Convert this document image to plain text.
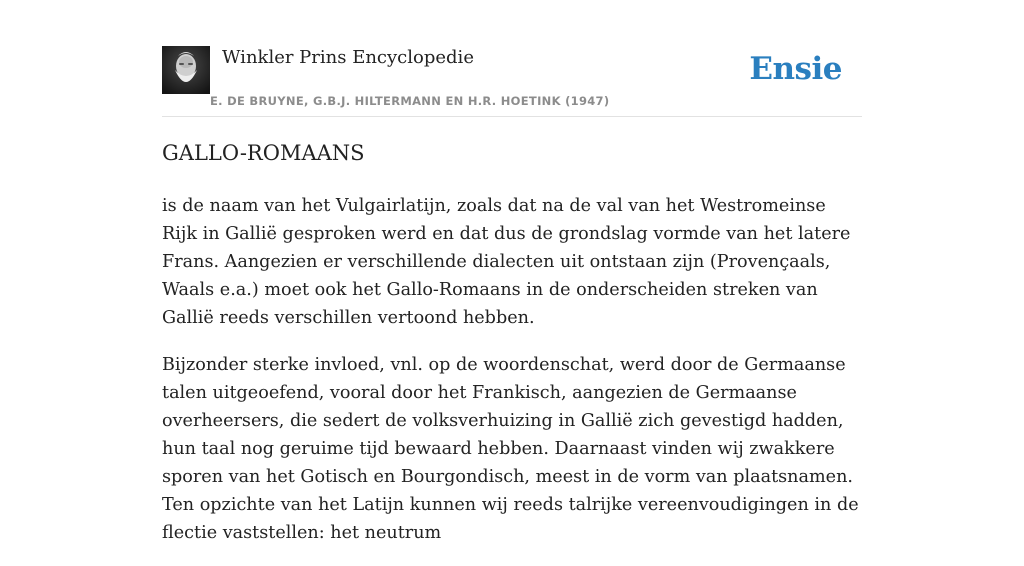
Winkler Prins Encyclopedie
E. DE BRUYNE, G.B.J. HILTERMANN EN H.R. HOETINK (1947)
Ensie
GALLO-ROMAANS

is de naam van het Vulgairlatijn, zoals dat na de val van het Westromeinse Rijk in Gallië gesproken werd en dat dus de grondslag vormde van het latere Frans. Aangezien er verschillende dialecten uit ontstaan zijn (Provençaals, Waals e.a.) moet ook het Gallo-Romaans in de onderscheiden streken van Gallië reeds verschillen vertoond hebben.

Bijzonder sterke invloed, vnl. op de woordenschat, werd door de Germaanse talen uitgeoefend, vooral door het Frankisch, aangezien de Germaanse overheersers, die sedert de volksverhuizing in Gallië zich gevestigd hadden, hun taal nog geruime tijd bewaard hebben. Daarnaast vinden wij zwakkere sporen van het Gotisch en Bourgondisch, meest in de vorm van plaatsnamen. Ten opzichte van het Latijn kunnen wij reeds talrijke vereenvoudigingen in de flectie vaststellen: het neutrum
